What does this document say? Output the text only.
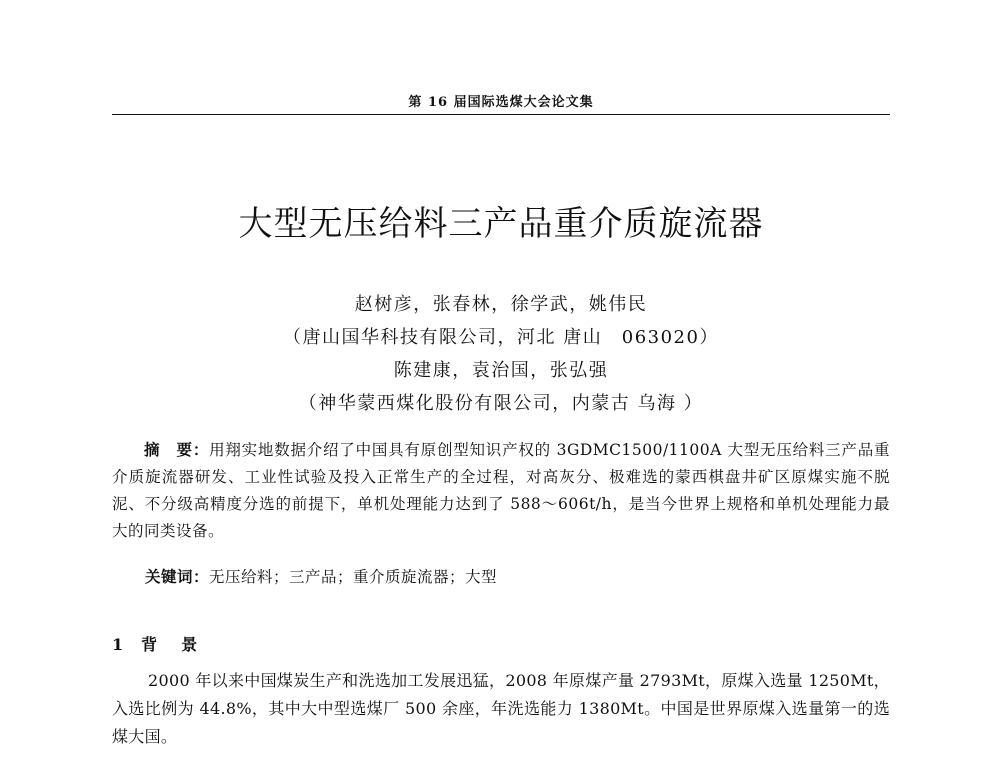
第 16 届国际选煤大会论文集
大型无压给料三产品重介质旋流器

赵树彦，张春林，徐学武，姚伟民

（唐山国华科技有限公司，河北 唐山　063020）

陈建康，袁治国，张弘强

（神华蒙西煤化股份有限公司，内蒙古 乌海 ）

摘　要：用翔实地数据介绍了中国具有原创型知识产权的 3GDMC1500/1100A 大型无压给料三产品重介质旋流器研发、工业性试验及投入正常生产的全过程，对高灰分、极难选的蒙西棋盘井矿区原煤实施不脱泥、不分级高精度分选的前提下，单机处理能力达到了 588～606t/h，是当今世界上规格和单机处理能力最大的同类设备。

关键词：无压给料；三产品；重介质旋流器；大型

1 背　景

2000 年以来中国煤炭生产和洗选加工发展迅猛，2008 年原煤产量 2793Mt，原煤入选量 1250Mt，入选比例为 44.8%，其中大中型选煤厂 500 余座，年洗选能力 1380Mt。中国是世界原煤入选量第一的选煤大国。
